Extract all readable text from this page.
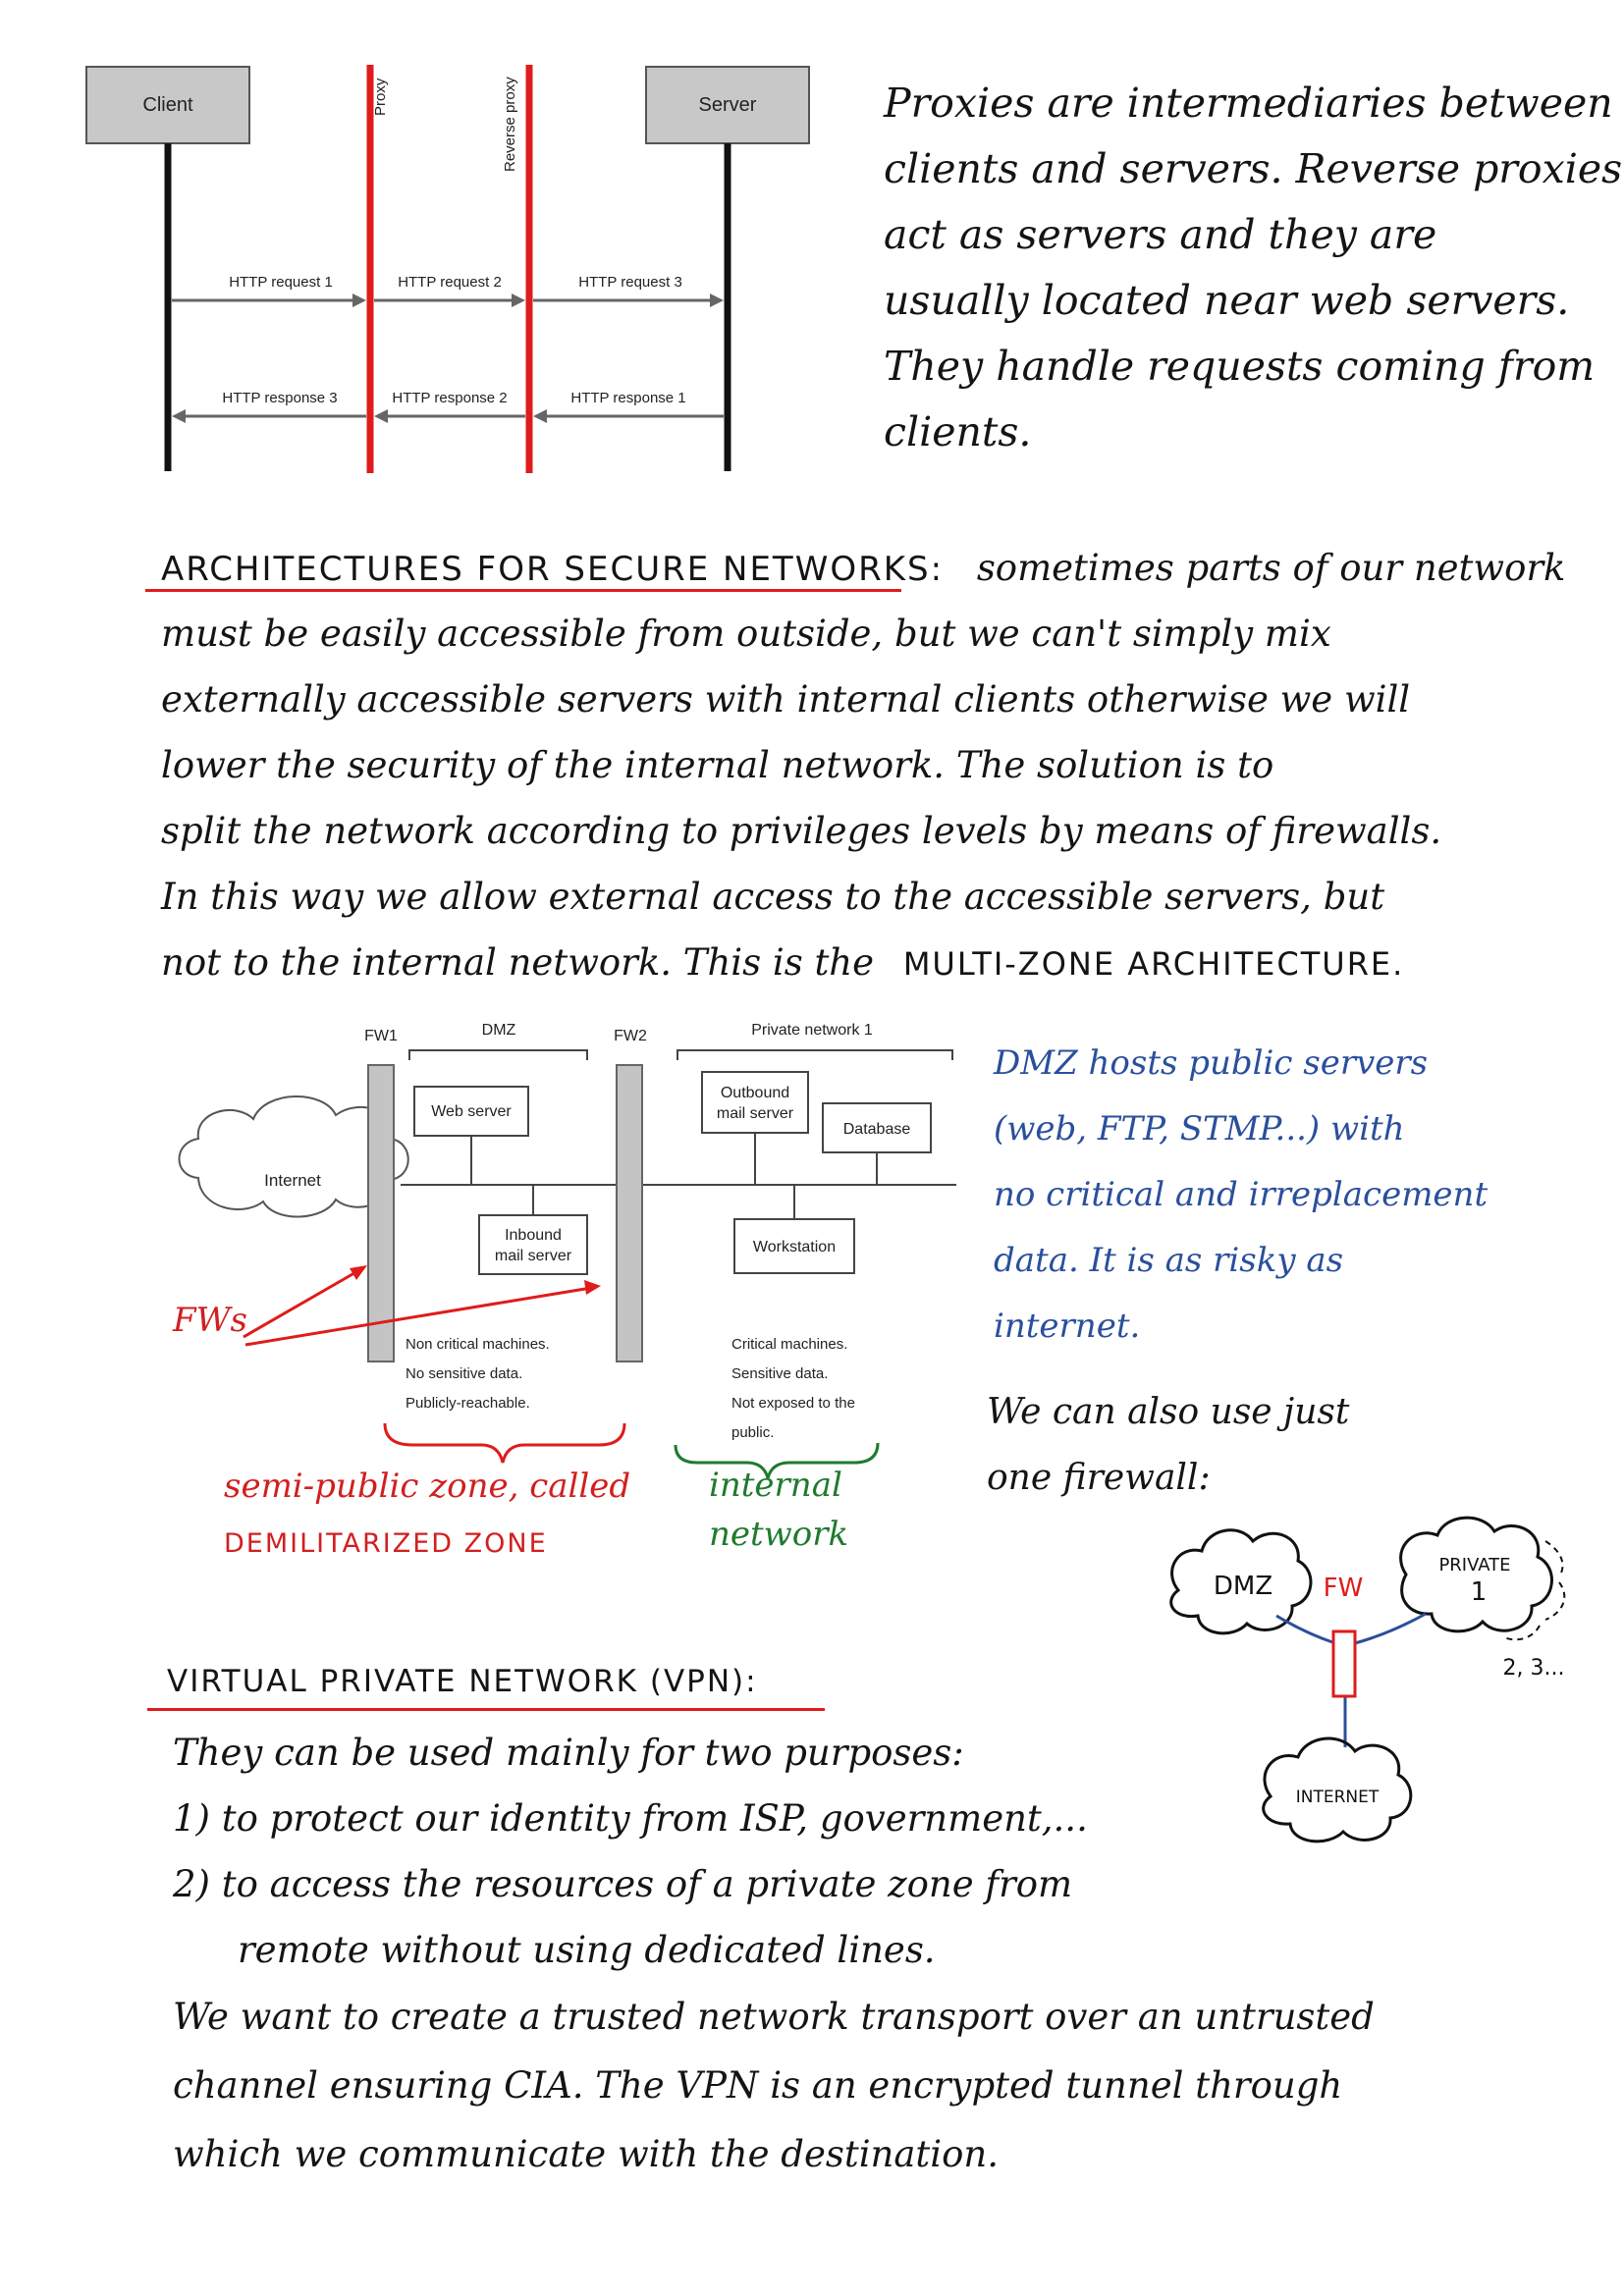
Client	Server
Proxy	Reverse proxy
HTTP request 1	HTTP request 2	HTTP request 3
HTTP response 3	HTTP response 2	HTTP response 1
Proxies are intermediaries between
clients and servers. Reverse proxies
act as servers and they are
usually located near web servers.
They handle requests coming from
clients.
ARCHITECTURES FOR SECURE NETWORKS: sometimes parts of our network
must be easily accessible from outside, but we can't simply mix
externally accessible servers with internal clients otherwise we will
lower the security of the internal network. The solution is to
split the network according to privileges levels by means of firewalls.
In this way we allow external access to the accessible servers, but
not to the internal network. This is the MULTI-ZONE ARCHITECTURE.
FW1	DMZ	FW2	Private network 1
Internet
Web server
Inbound
mail server
Outbound
mail server
Database
Workstation
Non critical machines.
No sensitive data.
Publicly-reachable.
Critical machines.
Sensitive data.
Not exposed to the
public.
FWs
semi-public zone, called
DEMILITARIZED ZONE
internal
network
DMZ hosts public servers
(web, FTP, STMP...) with
no critical and irreplacement
data. It is as risky as
internet.
We can also use just
one firewall:
DMZ
PRIVATE
1
2, 3...
FW
INTERNET
VIRTUAL PRIVATE NETWORK (VPN):
They can be used mainly for two purposes:
1) to protect our identity from ISP, government,...
2) to access the resources of a private zone from
remote without using dedicated lines.
We want to create a trusted network transport over an untrusted
channel ensuring CIA. The VPN is an encrypted tunnel through
which we communicate with the destination.
